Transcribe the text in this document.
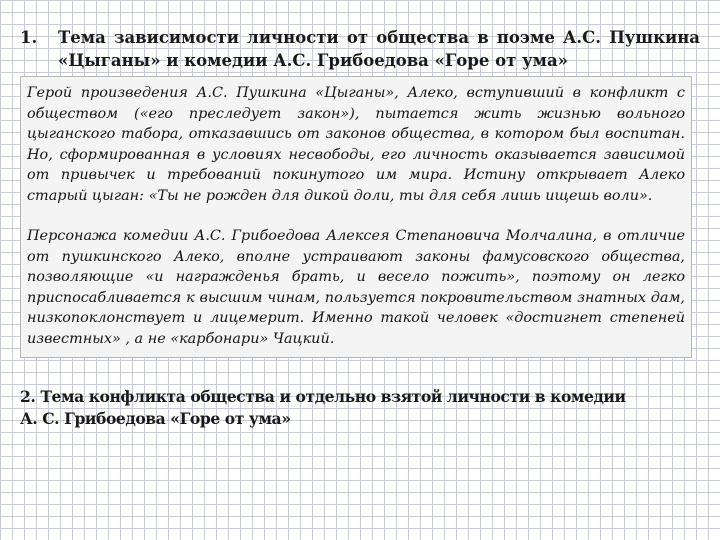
1. Тема зависимости личности от общества в поэме А.С. Пушкина «Цыганы» и комедии А.С. Грибоедова «Горе от ума»

Герой произведения А.С. Пушкина «Цыганы», Алеко, вступивший в конфликт с обществом («его преследует закон»), пытается жить жизнью вольного цыганского табора, отказавшись от законов общества, в котором был воспитан. Но, сформированная в условиях несвободы, его личность оказывается зависимой от привычек и требований покинутого им мира. Истину открывает Алеко старый цыган: «Ты не рожден для дикой доли, ты для себя лишь ищешь воли».

Персонажа комедии А.С. Грибоедова Алексея Степановича Молчалина, в отличие от пушкинского Алеко, вполне устраивают законы фамусовского общества, позволяющие «и награжденья брать, и весело пожить», поэтому он легко приспосабливается к высшим чинам, пользуется покровительством знатных дам, низкопоклонствует и лицемерит. Именно такой человек «достигнет степеней известных» , а не «карбонари» Чацкий.

2. Тема конфликта общества и отдельно взятой личности в комедии
А. С. Грибоедова «Горе от ума»
